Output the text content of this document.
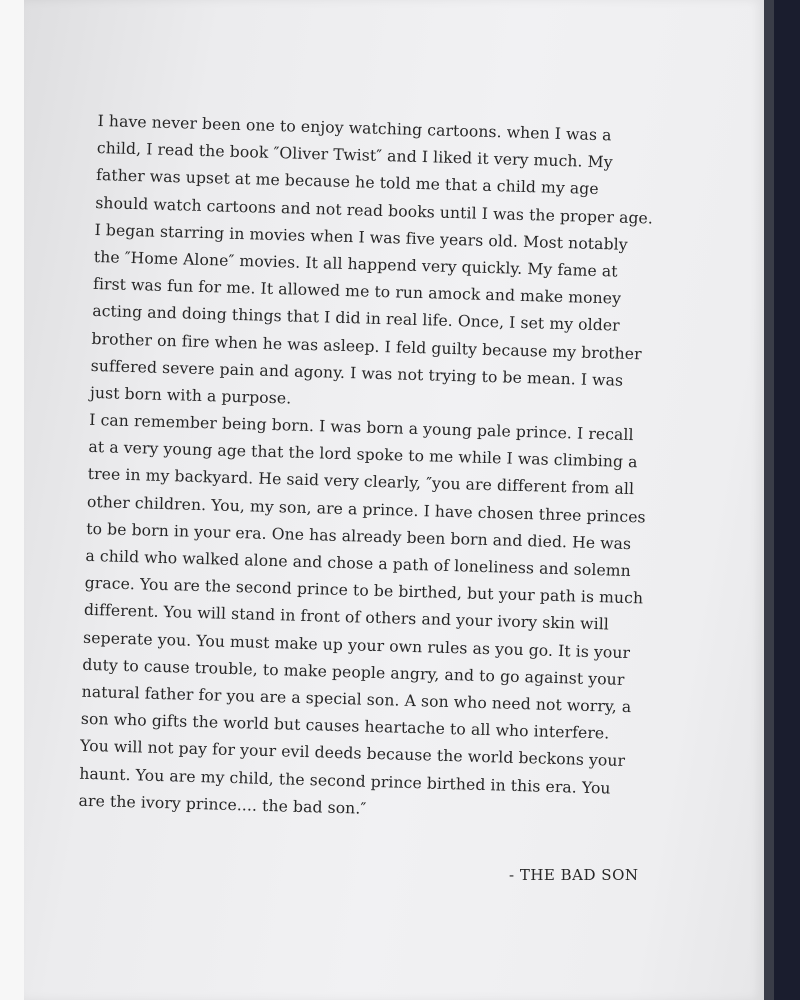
I have never been one to enjoy watching cartoons. when I was a
child, I read the book ″Oliver Twist″ and I liked it very much. My
father was upset at me because he told me that a child my age
should watch cartoons and not read books until I was the proper age.
I began starring in movies when I was five years old. Most notably
the ″Home Alone″ movies. It all happend very quickly. My fame at
first was fun for me. It allowed me to run amock and make money
acting and doing things that I did in real life. Once, I set my older
brother on fire when he was asleep. I feld guilty because my brother
suffered severe pain and agony. I was not trying to be mean. I was
just born with a purpose.
I can remember being born. I was born a young pale prince. I recall
at a very young age that the lord spoke to me while I was climbing a
tree in my backyard. He said very clearly, ″you are different from all
other children. You, my son, are a prince. I have chosen three princes
to be born in your era. One has already been born and died. He was
a child who walked alone and chose a path of loneliness and solemn
grace. You are the second prince to be birthed, but your path is much
different. You will stand in front of others and your ivory skin will
seperate you. You must make up your own rules as you go. It is your
duty to cause trouble, to make people angry, and to go against your
natural father for you are a special son. A son who need not worry, a
son who gifts the world but causes heartache to all who interfere.
You will not pay for your evil deeds because the world beckons your
haunt. You are my child, the second prince birthed in this era. You
are the ivory prince.... the bad son.″
- THE BAD SON
